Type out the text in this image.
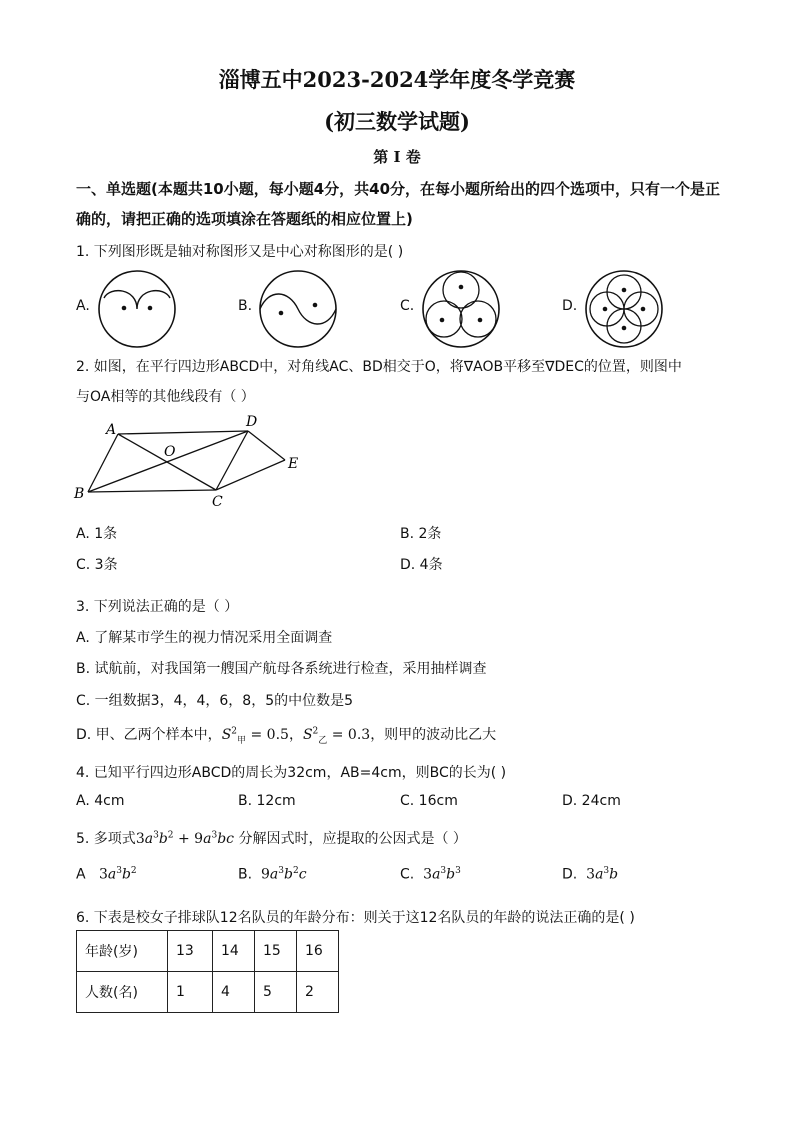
淄博五中2023-2024学年度冬学竞赛
(初三数学试题)
第 I 卷
一、单选题(本题共10小题，每小题4分，共40分，在每小题所给出的四个选项中，只有一个是正确的，请把正确的选项填涂在答题纸的相应位置上)
1. 下列图形既是轴对称图形又是中心对称图形的是( )
A.	B.	C.	D.
2. 如图，在平行四边形ABCD中，对角线AC、BD相交于O，将∇AOB平移至∇DEC的位置，则图中
与OA相等的其他线段有（ ）
A	D
O
E
B	C
A. 1条	B. 2条
C. 3条	D. 4条
3. 下列说法正确的是（ ）
A. 了解某市学生的视力情况采用全面调查
B. 试航前，对我国第一艘国产航母各系统进行检查，采用抽样调查
C. 一组数据3，4，4，6，8，5的中位数是5
D. 甲、乙两个样本中，$S^2_甲 = 0.5$，$S^2_乙 = 0.3$，则甲的波动比乙大
4. 已知平行四边形ABCD的周长为32cm，AB=4cm，则BC的长为( )
A. 4cm	B. 12cm	C. 16cm	D. 24cm
5. 多项式$3a^3b^2 + 9a^3bc$ 分解因式时，应提取的公因式是（ ）
A $3a^3b^2$	B. $9a^3b^2c$	C. $3a^3b^3$	D. $3a^3b$
6. 下表是校女子排球队12名队员的年龄分布：则关于这12名队员的年龄的说法正确的是( )
年龄(岁)	13	14	15	16
人数(名)	1	4	5	2
